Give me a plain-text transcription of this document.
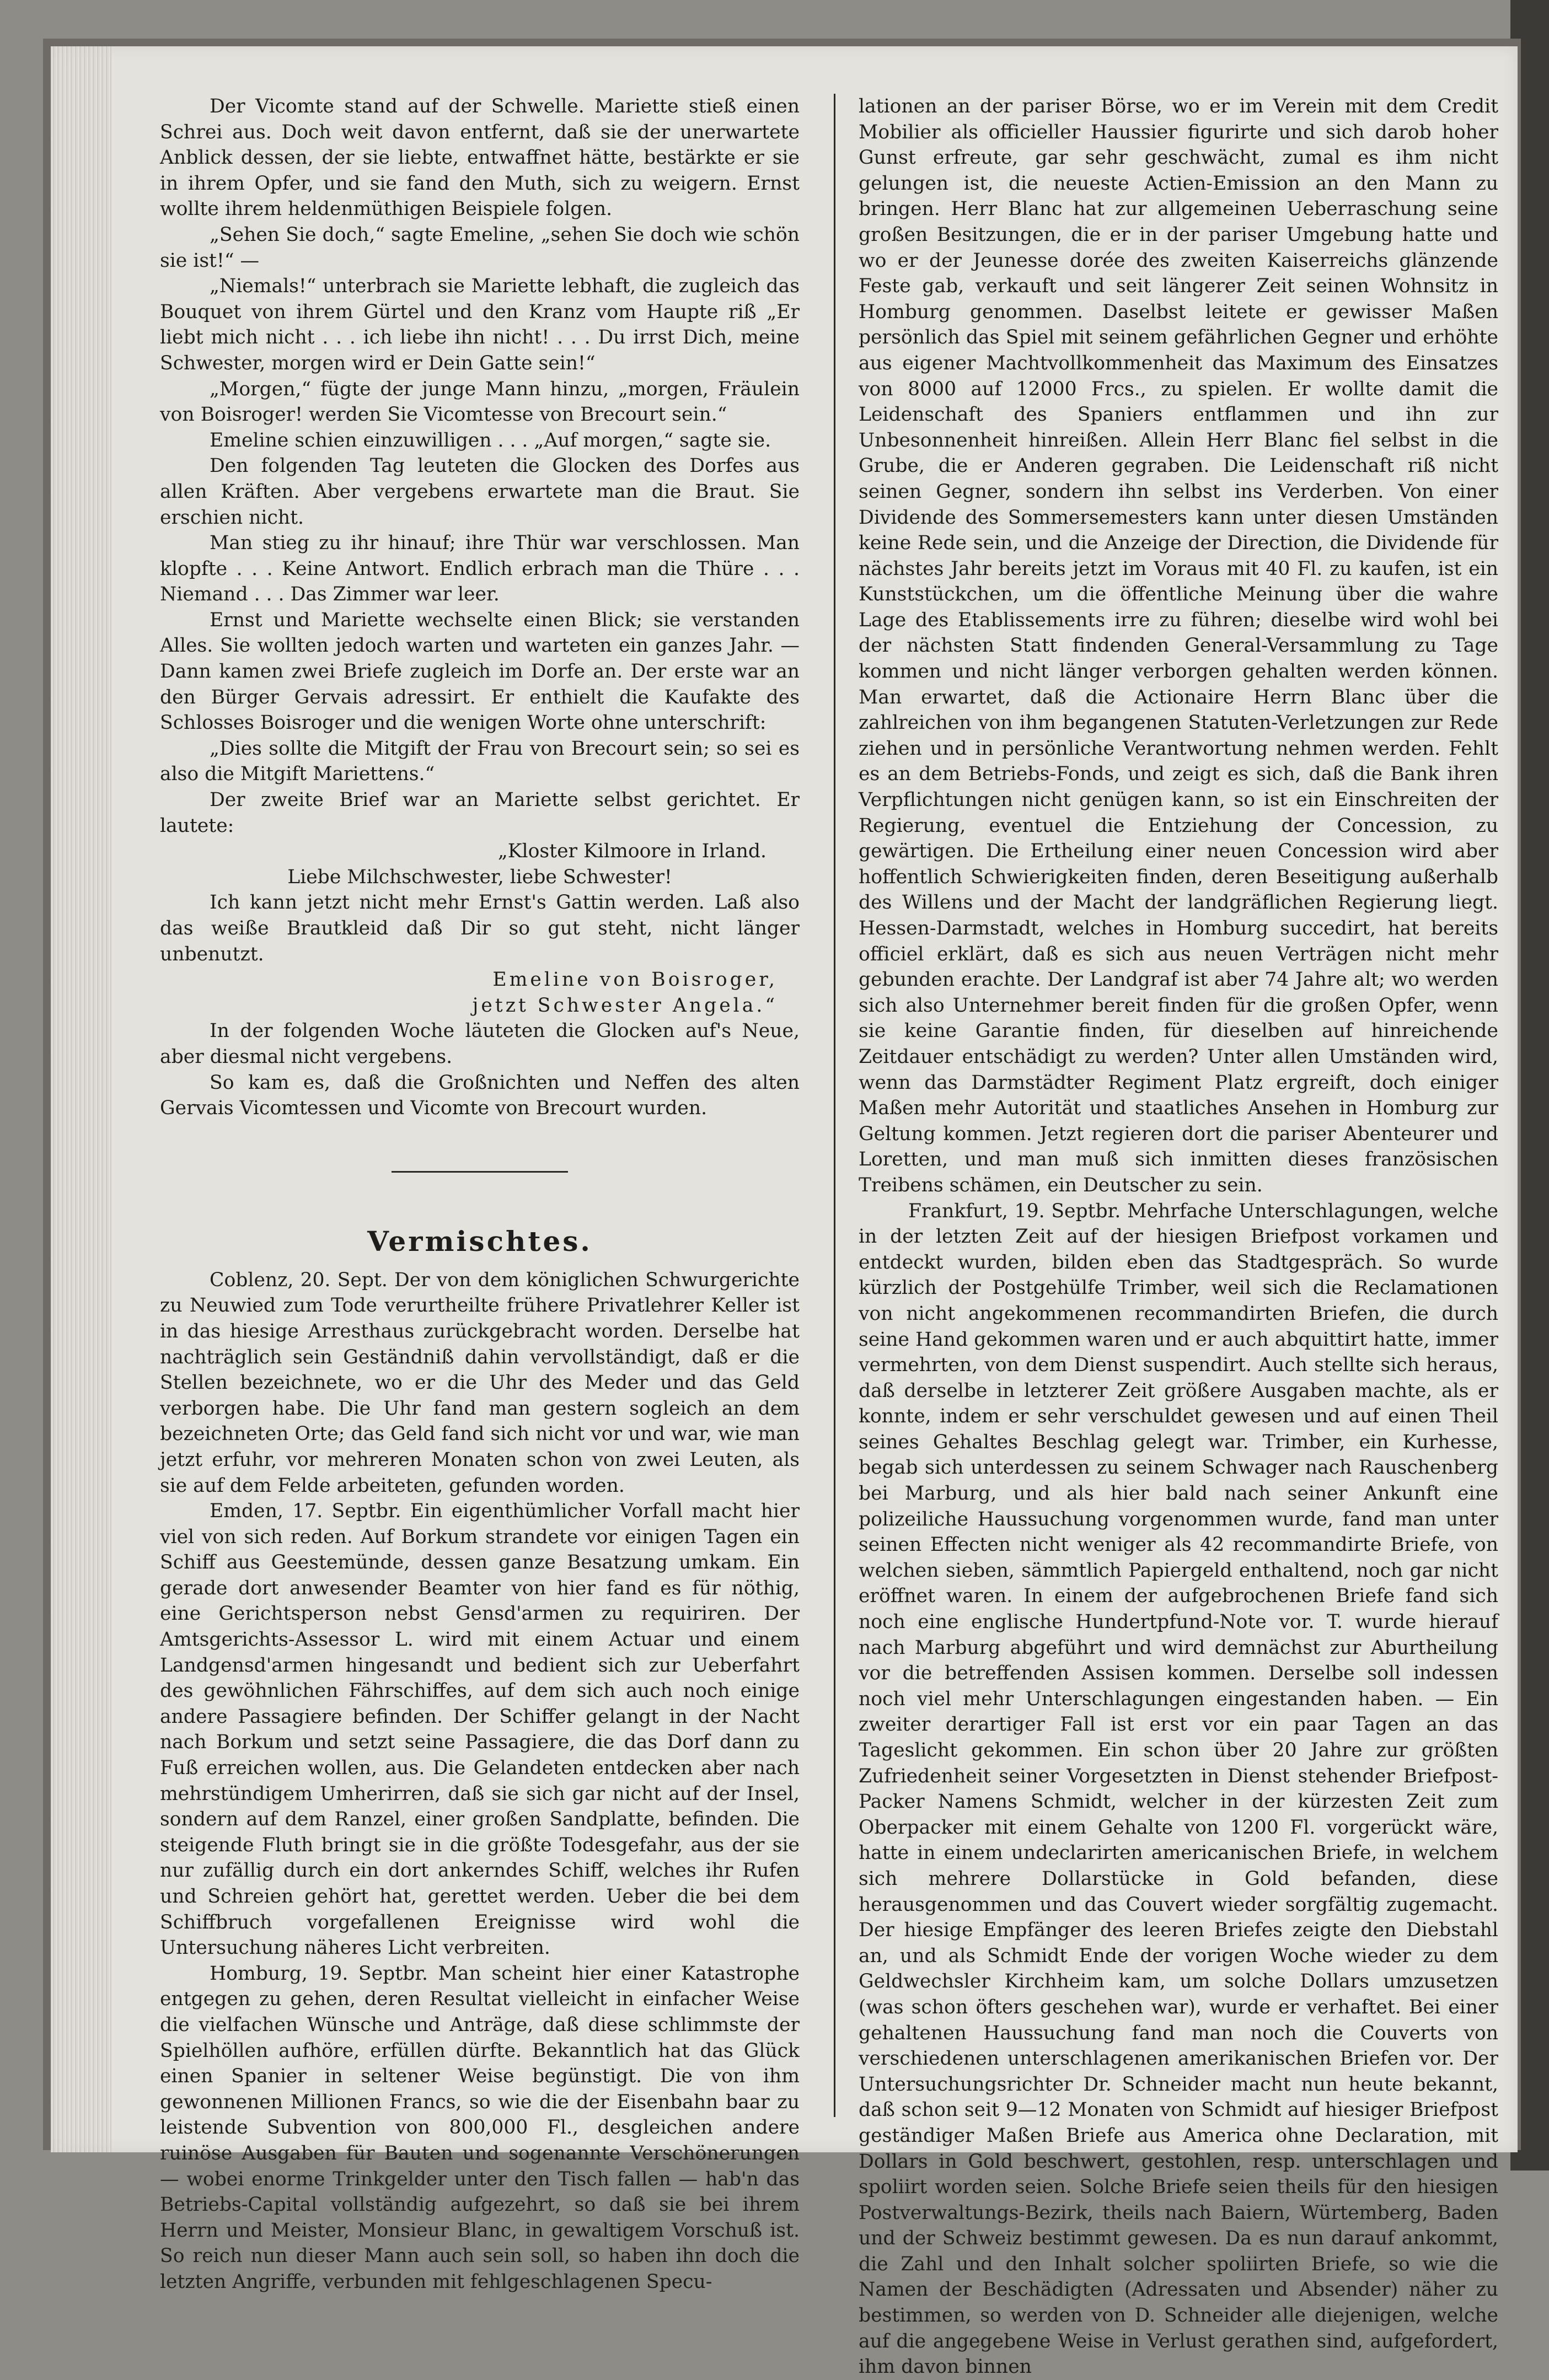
Der Vicomte stand auf der Schwelle. Mariette stieß einen Schrei aus. Doch weit davon entfernt, daß sie der unerwartete Anblick dessen, der sie liebte, entwaffnet hätte, bestärkte er sie in ihrem Opfer, und sie fand den Muth, sich zu weigern. Ernst wollte ihrem heldenmüthigen Beispiele folgen.

„Sehen Sie doch,“ sagte Emeline, „sehen Sie doch wie schön sie ist!“ —

„Niemals!“ unterbrach sie Mariette lebhaft, die zugleich das Bouquet von ihrem Gürtel und den Kranz vom Haupte riß „Er liebt mich nicht . . . ich liebe ihn nicht! . . . Du irrst Dich, meine Schwester, morgen wird er Dein Gatte sein!“

„Morgen,“ fügte der junge Mann hinzu, „morgen, Fräulein von Boisroger! werden Sie Vicomtesse von Brecourt sein.“

Emeline schien einzuwilligen . . . „Auf morgen,“ sagte sie.

Den folgenden Tag leuteten die Glocken des Dorfes aus allen Kräften. Aber vergebens erwartete man die Braut. Sie erschien nicht.

Man stieg zu ihr hinauf; ihre Thür war verschlossen. Man klopfte . . . Keine Antwort. Endlich erbrach man die Thüre . . . Niemand . . . Das Zimmer war leer.

Ernst und Mariette wechselte einen Blick; sie verstanden Alles. Sie wollten jedoch warten und warteten ein ganzes Jahr. — Dann kamen zwei Briefe zugleich im Dorfe an. Der erste war an den Bürger Gervais adressirt. Er enthielt die Kaufakte des Schlosses Boisroger und die wenigen Worte ohne unterschrift:

„Dies sollte die Mitgift der Frau von Brecourt sein; so sei es also die Mitgift Mariettens.“

Der zweite Brief war an Mariette selbst gerichtet. Er lautete:

„Kloster Kilmoore in Irland.

Liebe Milchschwester, liebe Schwester!

Ich kann jetzt nicht mehr Ernst's Gattin werden. Laß also das weiße Brautkleid daß Dir so gut steht, nicht länger unbenutzt.

Emeline von Boisroger,

jetzt Schwester Angela.“

In der folgenden Woche läuteten die Glocken auf's Neue, aber diesmal nicht vergebens.

So kam es, daß die Großnichten und Neffen des alten Gervais Vicomtessen und Vicomte von Brecourt wurden.

Vermischtes.

Coblenz, 20. Sept. Der von dem königlichen Schwurgerichte zu Neuwied zum Tode verurtheilte frühere Privatlehrer Keller ist in das hiesige Arresthaus zurückgebracht worden. Derselbe hat nachträglich sein Geständniß dahin vervollständigt, daß er die Stellen bezeichnete, wo er die Uhr des Meder und das Geld verborgen habe. Die Uhr fand man gestern sogleich an dem bezeichneten Orte; das Geld fand sich nicht vor und war, wie man jetzt erfuhr, vor mehreren Monaten schon von zwei Leuten, als sie auf dem Felde arbeiteten, gefunden worden.

Emden, 17. Septbr. Ein eigenthümlicher Vorfall macht hier viel von sich reden. Auf Borkum strandete vor einigen Tagen ein Schiff aus Geestemünde, dessen ganze Besatzung umkam. Ein gerade dort anwesender Beamter von hier fand es für nöthig, eine Gerichtsperson nebst Gensd'armen zu requiriren. Der Amtsgerichts-Assessor L. wird mit einem Actuar und einem Landgensd'armen hingesandt und bedient sich zur Ueberfahrt des gewöhnlichen Fährschiffes, auf dem sich auch noch einige andere Passagiere befinden. Der Schiffer gelangt in der Nacht nach Borkum und setzt seine Passagiere, die das Dorf dann zu Fuß erreichen wollen, aus. Die Gelandeten entdecken aber nach mehrstündigem Umherirren, daß sie sich gar nicht auf der Insel, sondern auf dem Ranzel, einer großen Sandplatte, befinden. Die steigende Fluth bringt sie in die größte Todesgefahr, aus der sie nur zufällig durch ein dort ankerndes Schiff, welches ihr Rufen und Schreien gehört hat, gerettet werden. Ueber die bei dem Schiffbruch vorgefallenen Ereignisse wird wohl die Untersuchung näheres Licht verbreiten.

Homburg, 19. Septbr. Man scheint hier einer Katastrophe entgegen zu gehen, deren Resultat vielleicht in einfacher Weise die vielfachen Wünsche und Anträge, daß diese schlimmste der Spielhöllen aufhöre, erfüllen dürfte. Bekanntlich hat das Glück einen Spanier in seltener Weise begünstigt. Die von ihm gewonnenen Millionen Francs, so wie die der Eisenbahn baar zu leistende Subvention von 800,000 Fl., desgleichen andere ruinöse Ausgaben für Bauten und sogenannte Verschönerungen — wobei enorme Trinkgelder unter den Tisch fallen — hab'n das Betriebs-Capital vollständig aufgezehrt, so daß sie bei ihrem Herrn und Meister, Monsieur Blanc, in gewaltigem Vorschuß ist. So reich nun dieser Mann auch sein soll, so haben ihn doch die letzten Angriffe, verbunden mit fehlgeschlagenen Specu-

lationen an der pariser Börse, wo er im Verein mit dem Credit Mobilier als officieller Haussier figurirte und sich darob hoher Gunst erfreute, gar sehr geschwächt, zumal es ihm nicht gelungen ist, die neueste Actien-Emission an den Mann zu bringen. Herr Blanc hat zur allgemeinen Ueberraschung seine großen Besitzungen, die er in der pariser Umgebung hatte und wo er der Jeunesse dorée des zweiten Kaiserreichs glänzende Feste gab, verkauft und seit längerer Zeit seinen Wohnsitz in Homburg genommen. Daselbst leitete er gewisser Maßen persönlich das Spiel mit seinem gefährlichen Gegner und erhöhte aus eigener Machtvollkommenheit das Maximum des Einsatzes von 8000 auf 12000 Frcs., zu spielen. Er wollte damit die Leidenschaft des Spaniers entflammen und ihn zur Unbesonnenheit hinreißen. Allein Herr Blanc fiel selbst in die Grube, die er Anderen gegraben. Die Leidenschaft riß nicht seinen Gegner, sondern ihn selbst ins Verderben. Von einer Dividende des Sommersemesters kann unter diesen Umständen keine Rede sein, und die Anzeige der Direction, die Dividende für nächstes Jahr bereits jetzt im Voraus mit 40 Fl. zu kaufen, ist ein Kunststückchen, um die öffentliche Meinung über die wahre Lage des Etablissements irre zu führen; dieselbe wird wohl bei der nächsten Statt findenden General-Versammlung zu Tage kommen und nicht länger verborgen gehalten werden können. Man erwartet, daß die Actionaire Herrn Blanc über die zahlreichen von ihm begangenen Statuten-Verletzungen zur Rede ziehen und in persönliche Verantwortung nehmen werden. Fehlt es an dem Betriebs-Fonds, und zeigt es sich, daß die Bank ihren Verpflichtungen nicht genügen kann, so ist ein Einschreiten der Regierung, eventuel die Entziehung der Concession, zu gewärtigen. Die Ertheilung einer neuen Concession wird aber hoffentlich Schwierigkeiten finden, deren Beseitigung außerhalb des Willens und der Macht der landgräflichen Regierung liegt. Hessen-Darmstadt, welches in Homburg succedirt, hat bereits officiel erklärt, daß es sich aus neuen Verträgen nicht mehr gebunden erachte. Der Landgraf ist aber 74 Jahre alt; wo werden sich also Unternehmer bereit finden für die großen Opfer, wenn sie keine Garantie finden, für dieselben auf hinreichende Zeitdauer entschädigt zu werden? Unter allen Umständen wird, wenn das Darmstädter Regiment Platz ergreift, doch einiger Maßen mehr Autorität und staatliches Ansehen in Homburg zur Geltung kommen. Jetzt regieren dort die pariser Abenteurer und Loretten, und man muß sich inmitten dieses französischen Treibens schämen, ein Deutscher zu sein.

Frankfurt, 19. Septbr. Mehrfache Unterschlagungen, welche in der letzten Zeit auf der hiesigen Briefpost vorkamen und entdeckt wurden, bilden eben das Stadtgespräch. So wurde kürzlich der Postgehülfe Trimber, weil sich die Reclamationen von nicht angekommenen recommandirten Briefen, die durch seine Hand gekommen waren und er auch abquittirt hatte, immer vermehrten, von dem Dienst suspendirt. Auch stellte sich heraus, daß derselbe in letzterer Zeit größere Ausgaben machte, als er konnte, indem er sehr verschuldet gewesen und auf einen Theil seines Gehaltes Beschlag gelegt war. Trimber, ein Kurhesse, begab sich unterdessen zu seinem Schwager nach Rauschenberg bei Marburg, und als hier bald nach seiner Ankunft eine polizeiliche Haussuchung vorgenommen wurde, fand man unter seinen Effecten nicht weniger als 42 recommandirte Briefe, von welchen sieben, sämmtlich Papiergeld enthaltend, noch gar nicht eröffnet waren. In einem der aufgebrochenen Briefe fand sich noch eine englische Hundertpfund-Note vor. T. wurde hierauf nach Marburg abgeführt und wird demnächst zur Aburtheilung vor die betreffenden Assisen kommen. Derselbe soll indessen noch viel mehr Unterschlagungen eingestanden haben. — Ein zweiter derartiger Fall ist erst vor ein paar Tagen an das Tageslicht gekommen. Ein schon über 20 Jahre zur größten Zufriedenheit seiner Vorgesetzten in Dienst stehender Briefpost-Packer Namens Schmidt, welcher in der kürzesten Zeit zum Oberpacker mit einem Gehalte von 1200 Fl. vorgerückt wäre, hatte in einem undeclarirten americanischen Briefe, in welchem sich mehrere Dollarstücke in Gold befanden, diese herausgenommen und das Couvert wieder sorgfältig zugemacht. Der hiesige Empfänger des leeren Briefes zeigte den Diebstahl an, und als Schmidt Ende der vorigen Woche wieder zu dem Geldwechsler Kirchheim kam, um solche Dollars umzusetzen (was schon öfters geschehen war), wurde er verhaftet. Bei einer gehaltenen Haussuchung fand man noch die Couverts von verschiedenen unterschlagenen amerikanischen Briefen vor. Der Untersuchungsrichter Dr. Schneider macht nun heute bekannt, daß schon seit 9—12 Monaten von Schmidt auf hiesiger Briefpost geständiger Maßen Briefe aus America ohne Declaration, mit Dollars in Gold beschwert, gestohlen, resp. unterschlagen und spoliirt worden seien. Solche Briefe seien theils für den hiesigen Postverwaltungs-Bezirk, theils nach Baiern, Würtemberg, Baden und der Schweiz bestimmt gewesen. Da es nun darauf ankommt, die Zahl und den Inhalt solcher spoliirten Briefe, so wie die Namen der Beschädigten (Adressaten und Absender) näher zu bestimmen, so werden von D. Schneider alle diejenigen, welche auf die angegebene Weise in Verlust gerathen sind, aufgefordert, ihm davon binnen
